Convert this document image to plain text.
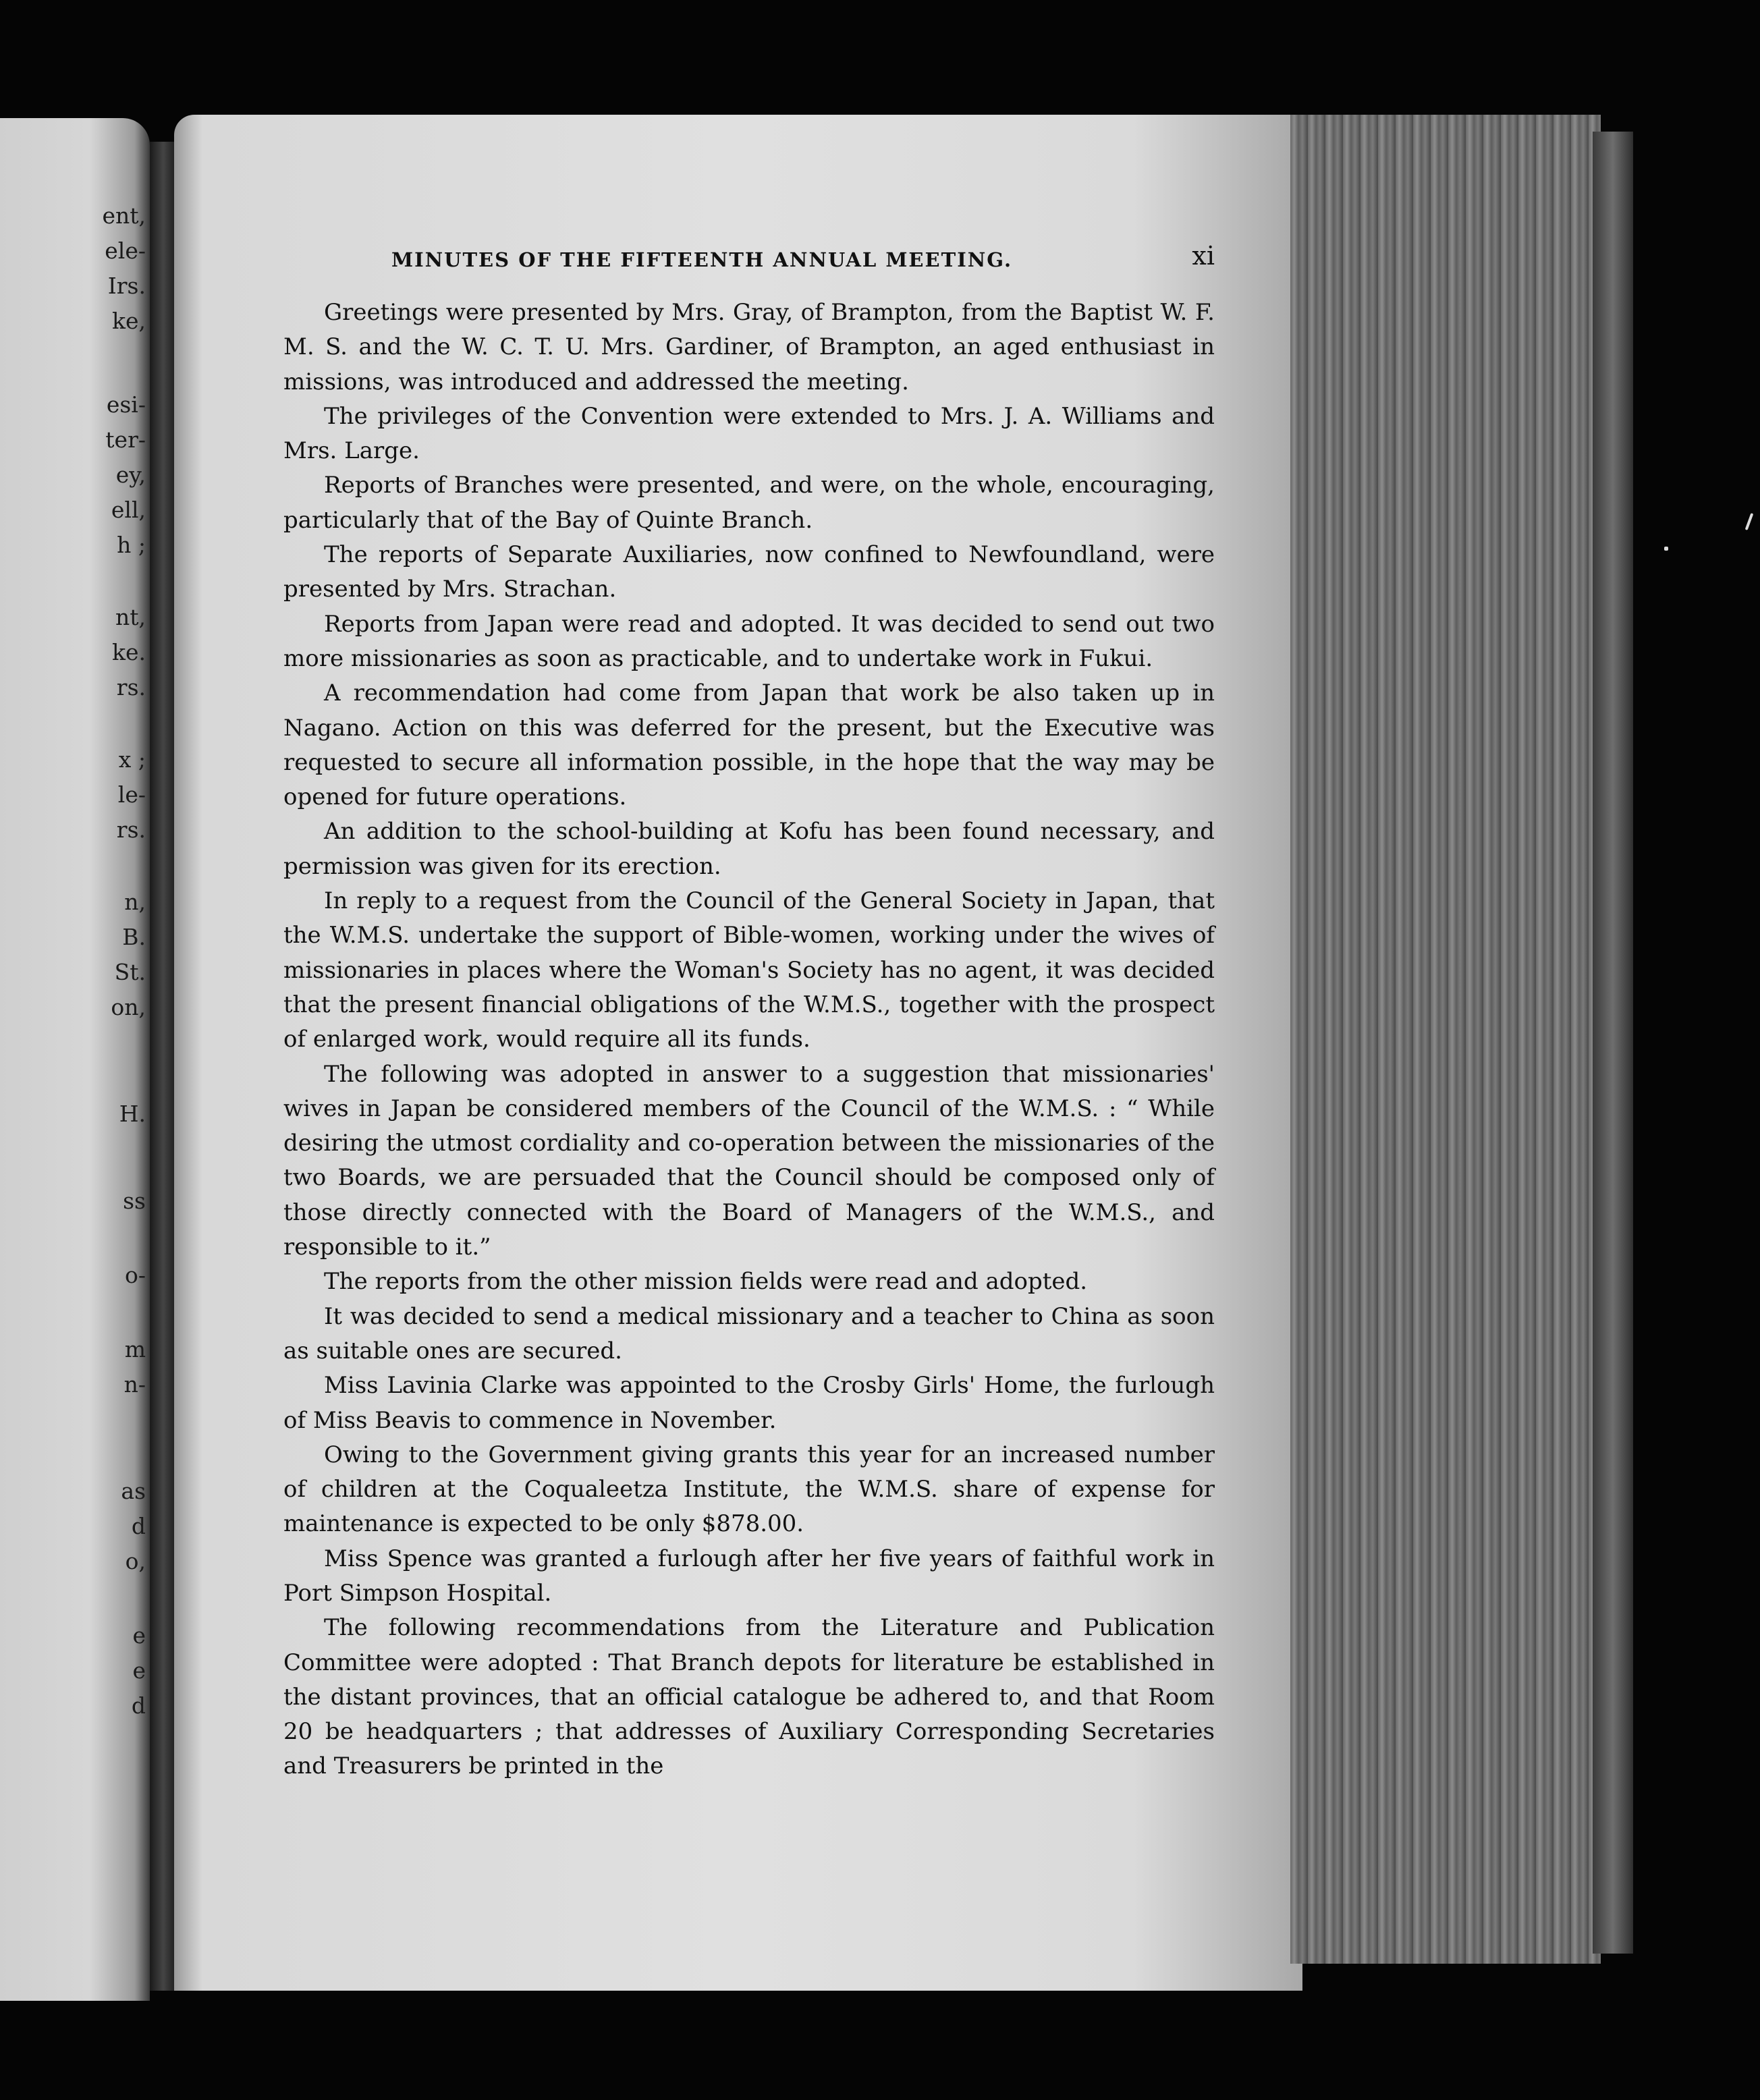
ent,
ele-
Irs.
ke,
esi-
ter-
ey,
ell,
h ;
nt,
ke.
rs.
x ;
le-
rs.
n,
B.
St.
on,
H.
ss
o-
m
n-
as
d
o,
e
e
d
MINUTES OF THE FIFTEENTH ANNUAL MEETING.	xi

Greetings were presented by Mrs. Gray, of Brampton, from the Baptist W. F. M. S. and the W. C. T. U. Mrs. Gardiner, of Brampton, an aged enthusiast in missions, was introduced and addressed the meeting.

The privileges of the Convention were extended to Mrs. J. A. Williams and Mrs. Large.

Reports of Branches were presented, and were, on the whole, encouraging, particularly that of the Bay of Quinte Branch.

The reports of Separate Auxiliaries, now confined to Newfoundland, were presented by Mrs. Strachan.

Reports from Japan were read and adopted. It was decided to send out two more missionaries as soon as practicable, and to undertake work in Fukui.

A recommendation had come from Japan that work be also taken up in Nagano. Action on this was deferred for the present, but the Executive was requested to secure all information possible, in the hope that the way may be opened for future operations.

An addition to the school-building at Kofu has been found necessary, and permission was given for its erection.

In reply to a request from the Council of the General Society in Japan, that the W.M.S. undertake the support of Bible-women, working under the wives of missionaries in places where the Woman's Society has no agent, it was decided that the present financial obligations of the W.M.S., together with the prospect of enlarged work, would require all its funds.

The following was adopted in answer to a suggestion that missionaries' wives in Japan be considered members of the Council of the W.M.S. : “ While desiring the utmost cordiality and co-operation between the missionaries of the two Boards, we are persuaded that the Council should be composed only of those directly connected with the Board of Managers of the W.M.S., and responsible to it.”

The reports from the other mission fields were read and adopted.

It was decided to send a medical missionary and a teacher to China as soon as suitable ones are secured.

Miss Lavinia Clarke was appointed to the Crosby Girls' Home, the furlough of Miss Beavis to commence in November.

Owing to the Government giving grants this year for an increased number of children at the Coqualeetza Institute, the W.M.S. share of expense for maintenance is expected to be only $878.00.

Miss Spence was granted a furlough after her five years of faithful work in Port Simpson Hospital.

The following recommendations from the Literature and Publication Committee were adopted : That Branch depots for literature be established in the distant provinces, that an official catalogue be adhered to, and that Room 20 be headquarters ; that addresses of Auxiliary Corresponding Secretaries and Treasurers be printed in the
